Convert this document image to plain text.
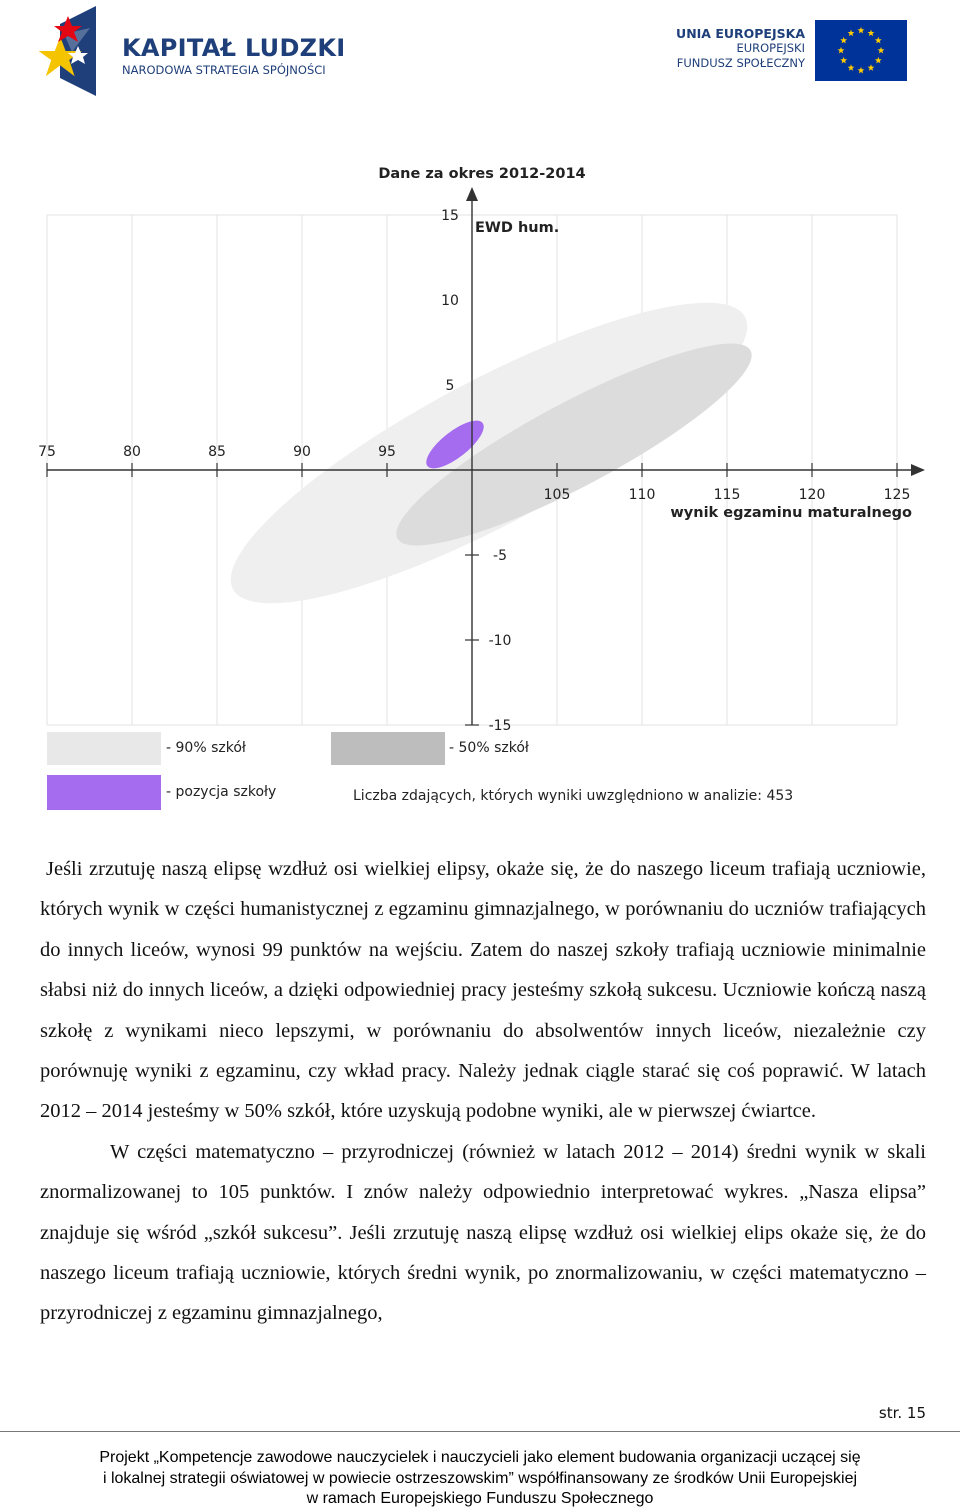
KAPITAŁ LUDZKI
NARODOWA STRATEGIA SPÓJNOŚCI
UNIA EUROPEJSKA
EUROPEJSKI
FUNDUSZ SPOŁECZNY
75	80	85	90	95
105	110	115	120	125
15
10
5
-5
-10
-15
Dane za okres 2012-2014
EWD hum.
wynik egzaminu maturalnego
- 90% szkół	- 50% szkół
- pozycja szkoły	Liczba zdających, których wyniki uwzględniono w analizie: 453

Jeśli zrzutuję naszą elipsę wzdłuż osi wielkiej elipsy, okaże się, że do naszego liceum trafiają uczniowie, których wynik w części humanistycznej z egzaminu gimnazjalnego, w porównaniu do uczniów trafiających do innych liceów, wynosi 99 punktów na wejściu. Zatem do naszej szkoły trafiają uczniowie minimalnie słabsi niż do innych liceów, a dzięki odpowiedniej pracy jesteśmy szkołą sukcesu. Uczniowie kończą naszą szkołę z wynikami nieco lepszymi, w porównaniu do absolwentów innych liceów, niezależnie czy porównuję wyniki z egzaminu, czy wkład pracy. Należy jednak ciągle starać się coś poprawić. W latach 2012 – 2014 jesteśmy w 50% szkół, które uzyskują podobne wyniki, ale w pierwszej ćwiartce.

W części matematyczno – przyrodniczej (również w latach 2012 – 2014) średni wynik w skali znormalizowanej to 105 punktów. I znów należy odpowiednio interpretować wykres. „Nasza elipsa” znajduje się wśród „szkół sukcesu”. Jeśli zrzutuję naszą elipsę wzdłuż osi wielkiej elips okaże się, że do naszego liceum trafiają uczniowie, których średni wynik, po znormalizowaniu, w części matematyczno – przyrodniczej z egzaminu gimnazjalnego,

str. 15
Projekt „Kompetencje zawodowe nauczycielek i nauczycieli jako element budowania organizacji uczącej się
i lokalnej strategii oświatowej w powiecie ostrzeszowskim” współfinansowany ze środków Unii Europejskiej
w ramach Europejskiego Funduszu Społecznego
